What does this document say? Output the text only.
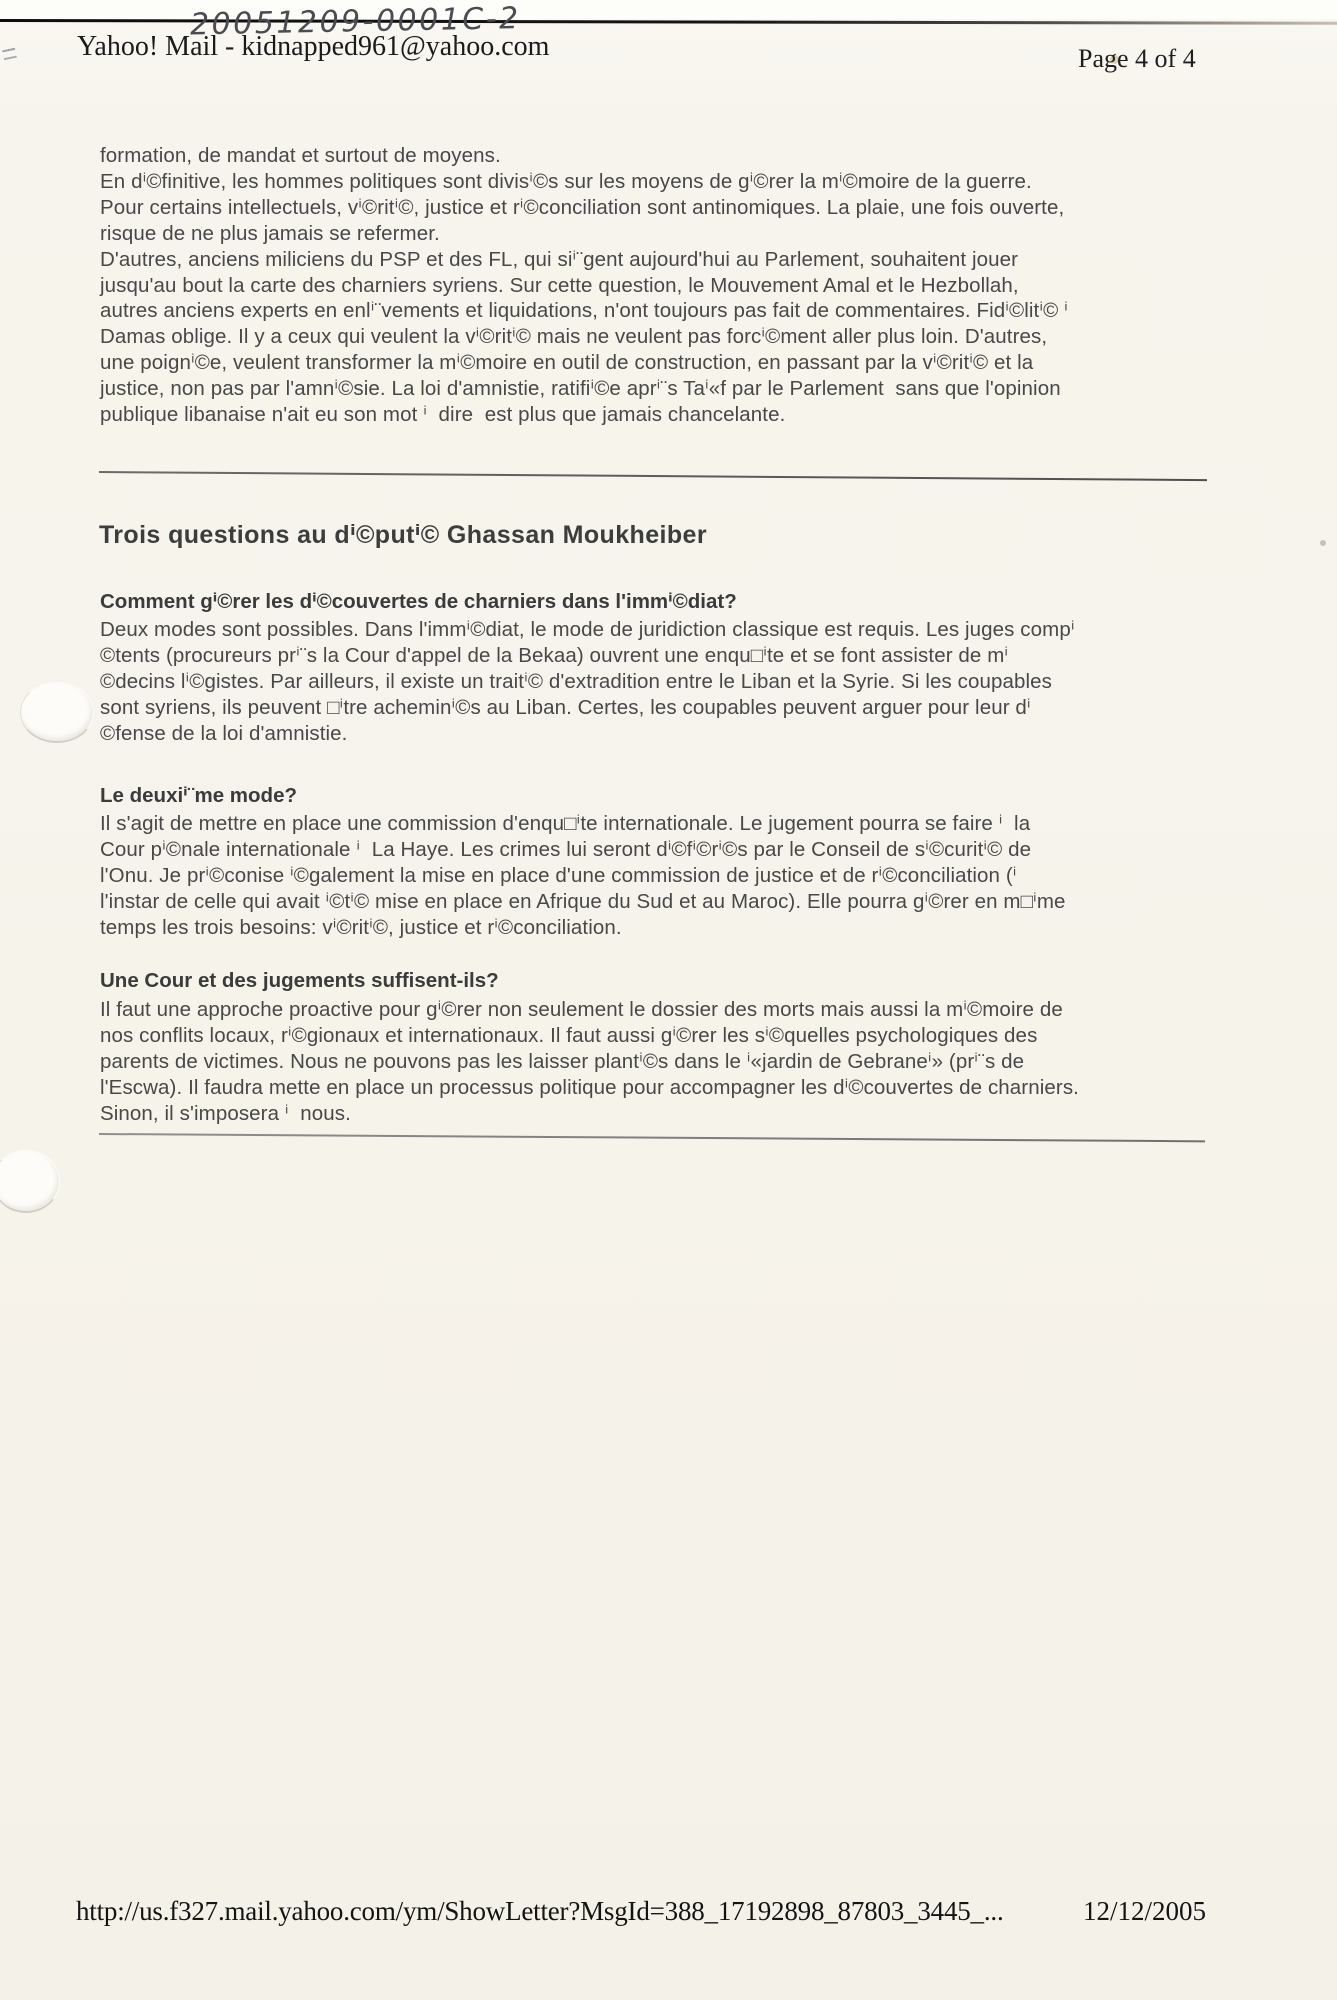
20051209-0001C-2
Yahoo! Mail - kidnapped961@yahoo.com	Page 4 of 4
formation, de mandat et surtout de moyens.
En dⁱ©finitive, les hommes politiques sont divisⁱ©s sur les moyens de gⁱ©rer la mⁱ©moire de la guerre.
Pour certains intellectuels, vⁱ©ritⁱ©, justice et rⁱ©conciliation sont antinomiques. La plaie, une fois ouverte,
risque de ne plus jamais se refermer.
D'autres, anciens miliciens du PSP et des FL, qui siⁱ¨gent aujourd'hui au Parlement, souhaitent jouer
jusqu'au bout la carte des charniers syriens. Sur cette question, le Mouvement Amal et le Hezbollah,
autres anciens experts en enlⁱ¨vements et liquidations, n'ont toujours pas fait de commentaires. Fidⁱ©litⁱ© ⁱ
Damas oblige. Il y a ceux qui veulent la vⁱ©ritⁱ© mais ne veulent pas forcⁱ©ment aller plus loin. D'autres,
une poignⁱ©e, veulent transformer la mⁱ©moire en outil de construction, en passant par la vⁱ©ritⁱ© et la
justice, non pas par l'amnⁱ©sie. La loi d'amnistie, ratifiⁱ©e aprⁱ¨s Taⁱ«f par le Parlement  sans que l'opinion
publique libanaise n'ait eu son mot ⁱ  dire  est plus que jamais chancelante.
Trois questions au dⁱ©putⁱ© Ghassan Moukheiber
Comment gⁱ©rer les dⁱ©couvertes de charniers dans l'immⁱ©diat?
Deux modes sont possibles. Dans l'immⁱ©diat, le mode de juridiction classique est requis. Les juges compⁱ
©tents (procureurs prⁱ¨s la Cour d'appel de la Bekaa) ouvrent une enqu□ⁱte et se font assister de mⁱ
©decins lⁱ©gistes. Par ailleurs, il existe un traitⁱ© d'extradition entre le Liban et la Syrie. Si les coupables
sont syriens, ils peuvent □ⁱtre acheminⁱ©s au Liban. Certes, les coupables peuvent arguer pour leur dⁱ
©fense de la loi d'amnistie.
Le deuxiⁱ¨me mode?
Il s'agit de mettre en place une commission d'enqu□ⁱte internationale. Le jugement pourra se faire ⁱ  la
Cour pⁱ©nale internationale ⁱ  La Haye. Les crimes lui seront dⁱ©fⁱ©rⁱ©s par le Conseil de sⁱ©curitⁱ© de
l'Onu. Je prⁱ©conise ⁱ©galement la mise en place d'une commission de justice et de rⁱ©conciliation (ⁱ
l'instar de celle qui avait ⁱ©tⁱ© mise en place en Afrique du Sud et au Maroc). Elle pourra gⁱ©rer en m□ⁱme
temps les trois besoins: vⁱ©ritⁱ©, justice et rⁱ©conciliation.
Une Cour et des jugements suffisent-ils?
Il faut une approche proactive pour gⁱ©rer non seulement le dossier des morts mais aussi la mⁱ©moire de
nos conflits locaux, rⁱ©gionaux et internationaux. Il faut aussi gⁱ©rer les sⁱ©quelles psychologiques des
parents de victimes. Nous ne pouvons pas les laisser plantⁱ©s dans le ⁱ«jardin de Gebraneⁱ» (prⁱ¨s de
l'Escwa). Il faudra mette en place un processus politique pour accompagner les dⁱ©couvertes de charniers.
Sinon, il s'imposera ⁱ  nous.
http://us.f327.mail.yahoo.com/ym/ShowLetter?MsgId=388_17192898_87803_3445_...	12/12/2005
